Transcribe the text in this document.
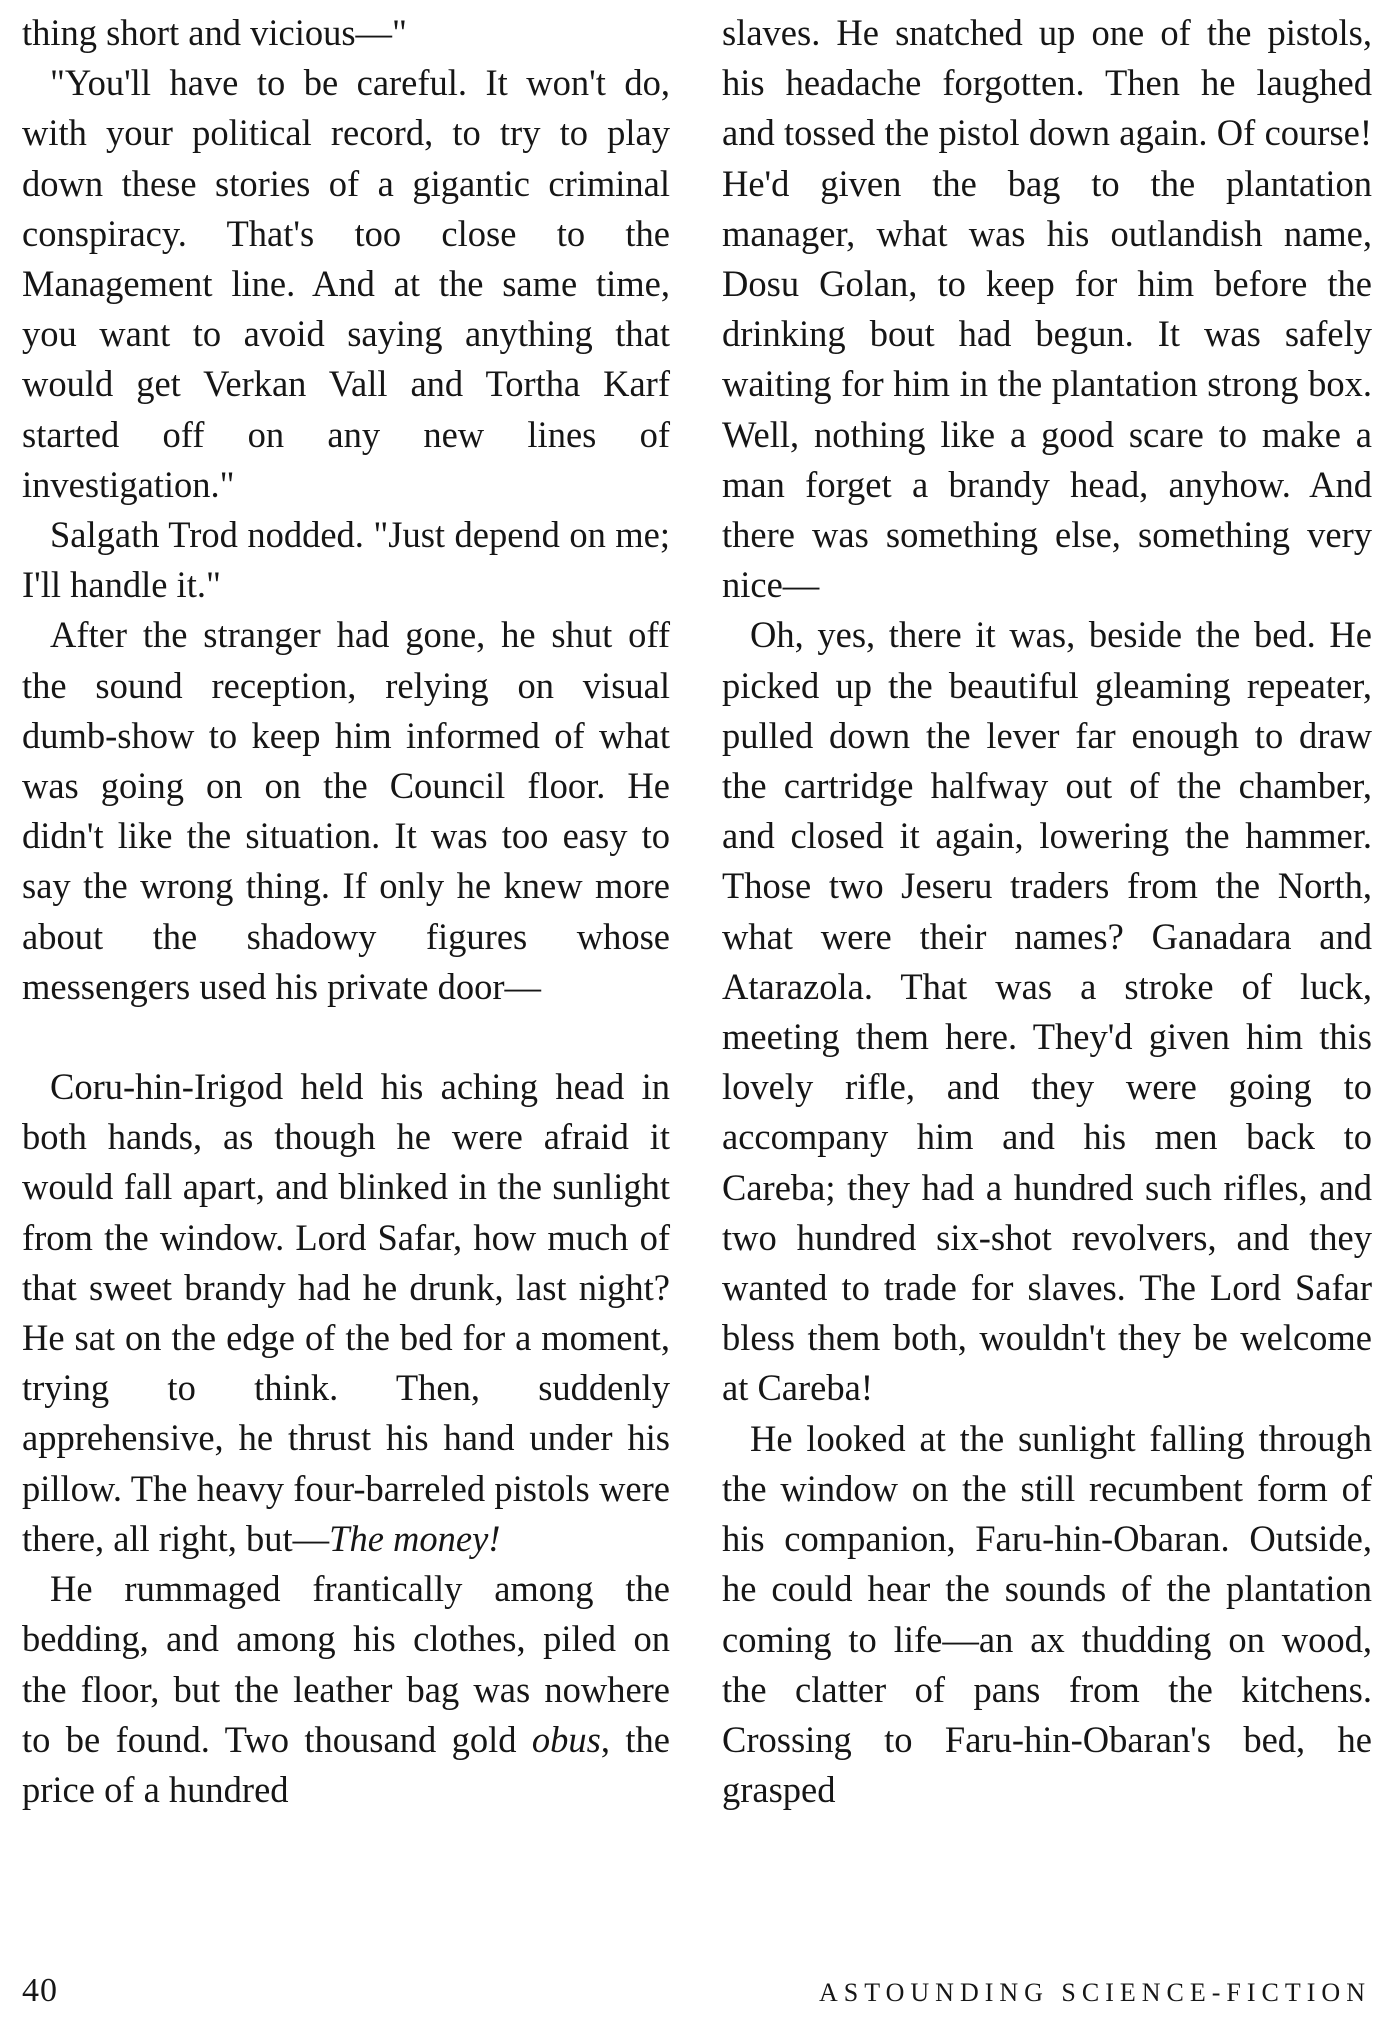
thing short and vicious—"

"You'll have to be careful. It won't do, with your political record, to try to play down these stories of a gigantic criminal conspiracy. That's too close to the Management line. And at the same time, you want to avoid saying anything that would get Verkan Vall and Tortha Karf started off on any new lines of investigation."

Salgath Trod nodded. "Just depend on me; I'll handle it."

After the stranger had gone, he shut off the sound reception, relying on visual dumb-show to keep him informed of what was going on on the Council floor. He didn't like the situation. It was too easy to say the wrong thing. If only he knew more about the shadowy figures whose messengers used his private door—

Coru-hin-Irigod held his aching head in both hands, as though he were afraid it would fall apart, and blinked in the sunlight from the window. Lord Safar, how much of that sweet brandy had he drunk, last night? He sat on the edge of the bed for a moment, trying to think. Then, suddenly apprehensive, he thrust his hand under his pillow. The heavy four-barreled pistols were there, all right, but—The money!

He rummaged frantically among the bedding, and among his clothes, piled on the floor, but the leather bag was nowhere to be found. Two thousand gold obus, the price of a hundred

slaves. He snatched up one of the pistols, his headache forgotten. Then he laughed and tossed the pistol down again. Of course! He'd given the bag to the plantation manager, what was his outlandish name, Dosu Golan, to keep for him before the drinking bout had begun. It was safely waiting for him in the plantation strong box. Well, nothing like a good scare to make a man forget a brandy head, anyhow. And there was something else, something very nice—

Oh, yes, there it was, beside the bed. He picked up the beautiful gleaming repeater, pulled down the lever far enough to draw the cartridge halfway out of the chamber, and closed it again, lowering the hammer. Those two Jeseru traders from the North, what were their names? Ganadara and Atarazola. That was a stroke of luck, meeting them here. They'd given him this lovely rifle, and they were going to accompany him and his men back to Careba; they had a hundred such rifles, and two hundred six-shot revolvers, and they wanted to trade for slaves. The Lord Safar bless them both, wouldn't they be welcome at Careba!

He looked at the sunlight falling through the window on the still recumbent form of his companion, Faru-hin-Obaran. Outside, he could hear the sounds of the plantation coming to life—an ax thudding on wood, the clatter of pans from the kitchens. Crossing to Faru-hin-Obaran's bed, he grasped

40	ASTOUNDING SCIENCE-FICTION
